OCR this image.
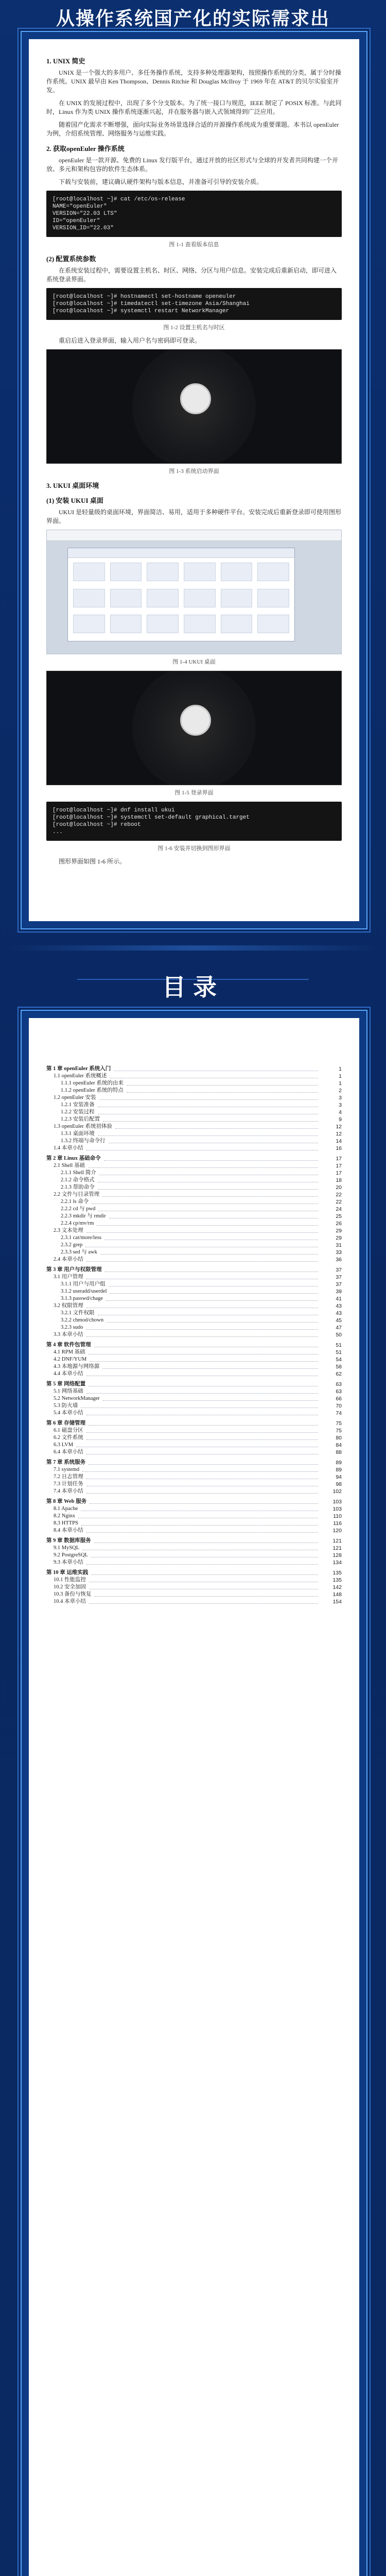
从操作系统国产化的实际需求出
1. UNIX 简史

UNIX 是一个强大的多用户、多任务操作系统，支持多种处理器架构，按照操作系统的分类，属于分时操作系统。UNIX 最早由 Ken Thompson、Dennis Ritchie 和 Douglas McIlroy 于 1969 年在 AT&T 的贝尔实验室开发。

在 UNIX 的发展过程中，出现了多个分支版本。为了统一接口与规范，IEEE 制定了 POSIX 标准。与此同时，Linux 作为类 UNIX 操作系统逐渐兴起，并在服务器与嵌入式领域得到广泛应用。

随着国产化需求不断增强，面向实际业务场景选择合适的开源操作系统成为重要课题。本书以 openEuler 为例，介绍系统管理、网络服务与运维实践。

2. 获取openEuler 操作系统

openEuler 是一款开源、免费的 Linux 发行版平台，通过开放的社区形式与全球的开发者共同构建一个开放、多元和架构包容的软件生态体系。

下载与安装前，建议确认硬件架构与版本信息，并准备可引导的安装介质。

[root@localhost ~]# cat /etc/os-release
NAME="openEuler"
VERSION="22.03 LTS"
ID="openEuler"
VERSION_ID="22.03"
图 1-1 查看版本信息
(2) 配置系统参数

在系统安装过程中，需要设置主机名、时区、网络、分区与用户信息。安装完成后重新启动，即可进入系统登录界面。

[root@localhost ~]# hostnamectl set-hostname openeuler
[root@localhost ~]# timedatectl set-timezone Asia/Shanghai
[root@localhost ~]# systemctl restart NetworkManager
图 1-2 设置主机名与时区

重启后进入登录界面，输入用户名与密码即可登录。

图 1-3 系统启动界面
3. UKUI 桌面环境
(1) 安装 UKUI 桌面

UKUI 是轻量级的桌面环境，界面简洁、易用，适用于多种硬件平台。安装完成后重新登录即可使用图形界面。

图 1-4 UKUI 桌面
图 1-5 登录界面
[root@localhost ~]# dnf install ukui
[root@localhost ~]# systemctl set-default graphical.target
[root@localhost ~]# reboot
...
图 1-6 安装并切换到图形界面

图形界面如图 1-6 所示。

目录
第 1 章 openEuler 系统入门	1
1.1 openEuler 系统概述	1
1.1.1 openEuler 系统的由来	1
1.1.2 openEuler 系统的特点	2
1.2 openEuler 安装	3
1.2.1 安装准备	3
1.2.2 安装过程	4
1.2.3 安装后配置	9
1.3 openEuler 系统初体验	12
1.3.1 桌面环境	12
1.3.2 终端与命令行	14
1.4 本章小结	16
第 2 章 Linux 基础命令	17
2.1 Shell 基础	17
2.1.1 Shell 简介	17
2.1.2 命令格式	18
2.1.3 帮助命令	20
2.2 文件与目录管理	22
2.2.1 ls 命令	22
2.2.2 cd 与 pwd	24
2.2.3 mkdir 与 rmdir	25
2.2.4 cp/mv/rm	26
2.3 文本处理	29
2.3.1 cat/more/less	29
2.3.2 grep	31
2.3.3 sed 与 awk	33
2.4 本章小结	36
第 3 章 用户与权限管理	37
3.1 用户管理	37
3.1.1 用户与用户组	37
3.1.2 useradd/userdel	39
3.1.3 passwd/chage	41
3.2 权限管理	43
3.2.1 文件权限	43
3.2.2 chmod/chown	45
3.2.3 sudo	47
3.3 本章小结	50
第 4 章 软件包管理	51
4.1 RPM 基础	51
4.2 DNF/YUM	54
4.3 本地源与网络源	58
4.4 本章小结	62
第 5 章 网络配置	63
5.1 网络基础	63
5.2 NetworkManager	66
5.3 防火墙	70
5.4 本章小结	74
第 6 章 存储管理	75
6.1 磁盘分区	75
6.2 文件系统	80
6.3 LVM	84
6.4 本章小结	88
第 7 章 系统服务	89
7.1 systemd	89
7.2 日志管理	94
7.3 计划任务	98
7.4 本章小结	102
第 8 章 Web 服务	103
8.1 Apache	103
8.2 Nginx	110
8.3 HTTPS	116
8.4 本章小结	120
第 9 章 数据库服务	121
9.1 MySQL	121
9.2 PostgreSQL	128
9.3 本章小结	134
第 10 章 运维实践	135
10.1 性能监控	135
10.2 安全加固	142
10.3 备份与恢复	148
10.4 本章小结	154
